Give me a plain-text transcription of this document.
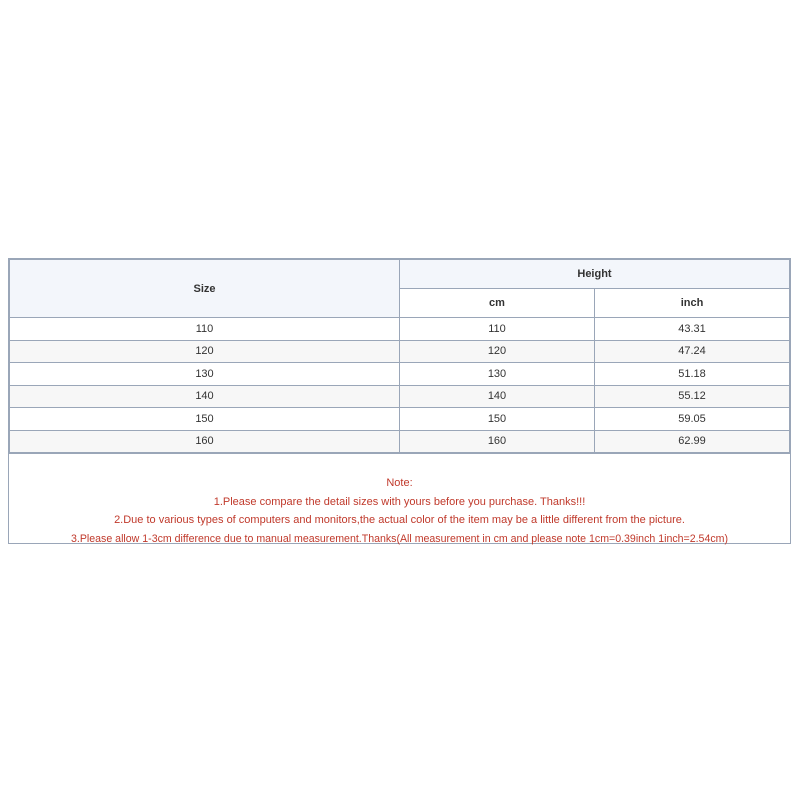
Size	Height	
	cm	inch
110	110	43.31
120	120	47.24
130	130	51.18
140	140	55.12
150	150	59.05
160	160	62.99
Note:
1.Please compare the detail sizes with yours before you purchase. Thanks!!!
2.Due to various types of computers and monitors,the actual color of the item may be a little different from the picture.
3.Please allow 1-3cm difference due to manual measurement.Thanks(All measurement in cm and please note 1cm=0.39inch 1inch=2.54cm)
